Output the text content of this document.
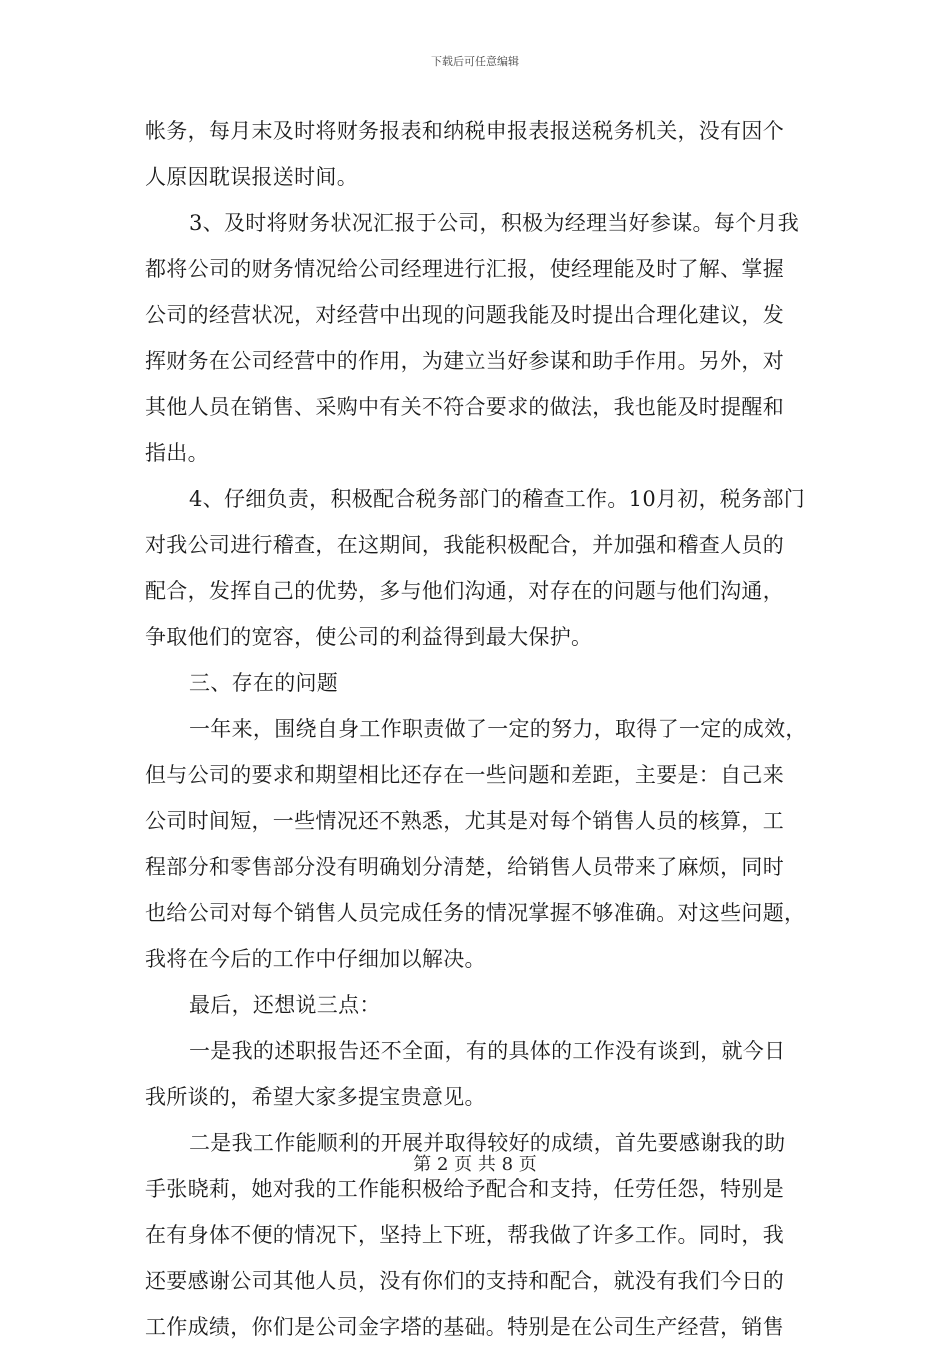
下载后可任意编辑
帐务，每月末及时将财务报表和纳税申报表报送税务机关，没有因个
人原因耽误报送时间。
3、及时将财务状况汇报于公司，积极为经理当好参谋。每个月我
都将公司的财务情况给公司经理进行汇报，使经理能及时了解、掌握
公司的经营状况，对经营中出现的问题我能及时提出合理化建议，发
挥财务在公司经营中的作用，为建立当好参谋和助手作用。另外，对
其他人员在销售、采购中有关不符合要求的做法，我也能及时提醒和
指出。
4、仔细负责，积极配合税务部门的稽查工作。10月初，税务部门
对我公司进行稽查，在这期间，我能积极配合，并加强和稽查人员的
配合，发挥自己的优势，多与他们沟通，对存在的问题与他们沟通，
争取他们的宽容，使公司的利益得到最大保护。
三、存在的问题
一年来，围绕自身工作职责做了一定的努力，取得了一定的成效，
但与公司的要求和期望相比还存在一些问题和差距，主要是：自己来
公司时间短，一些情况还不熟悉，尤其是对每个销售人员的核算，工
程部分和零售部分没有明确划分清楚，给销售人员带来了麻烦，同时
也给公司对每个销售人员完成任务的情况掌握不够准确。对这些问题，
我将在今后的工作中仔细加以解决。
最后，还想说三点：
一是我的述职报告还不全面，有的具体的工作没有谈到，就今日
我所谈的，希望大家多提宝贵意见。
二是我工作能顺利的开展并取得较好的成绩，首先要感谢我的助
手张晓莉，她对我的工作能积极给予配合和支持，任劳任怨，特别是
在有身体不便的情况下，坚持上下班，帮我做了许多工作。同时，我
还要感谢公司其他人员，没有你们的支持和配合，就没有我们今日的
工作成绩，你们是公司金字塔的基础。特别是在公司生产经营，销售
第 2 页 共 8 页
